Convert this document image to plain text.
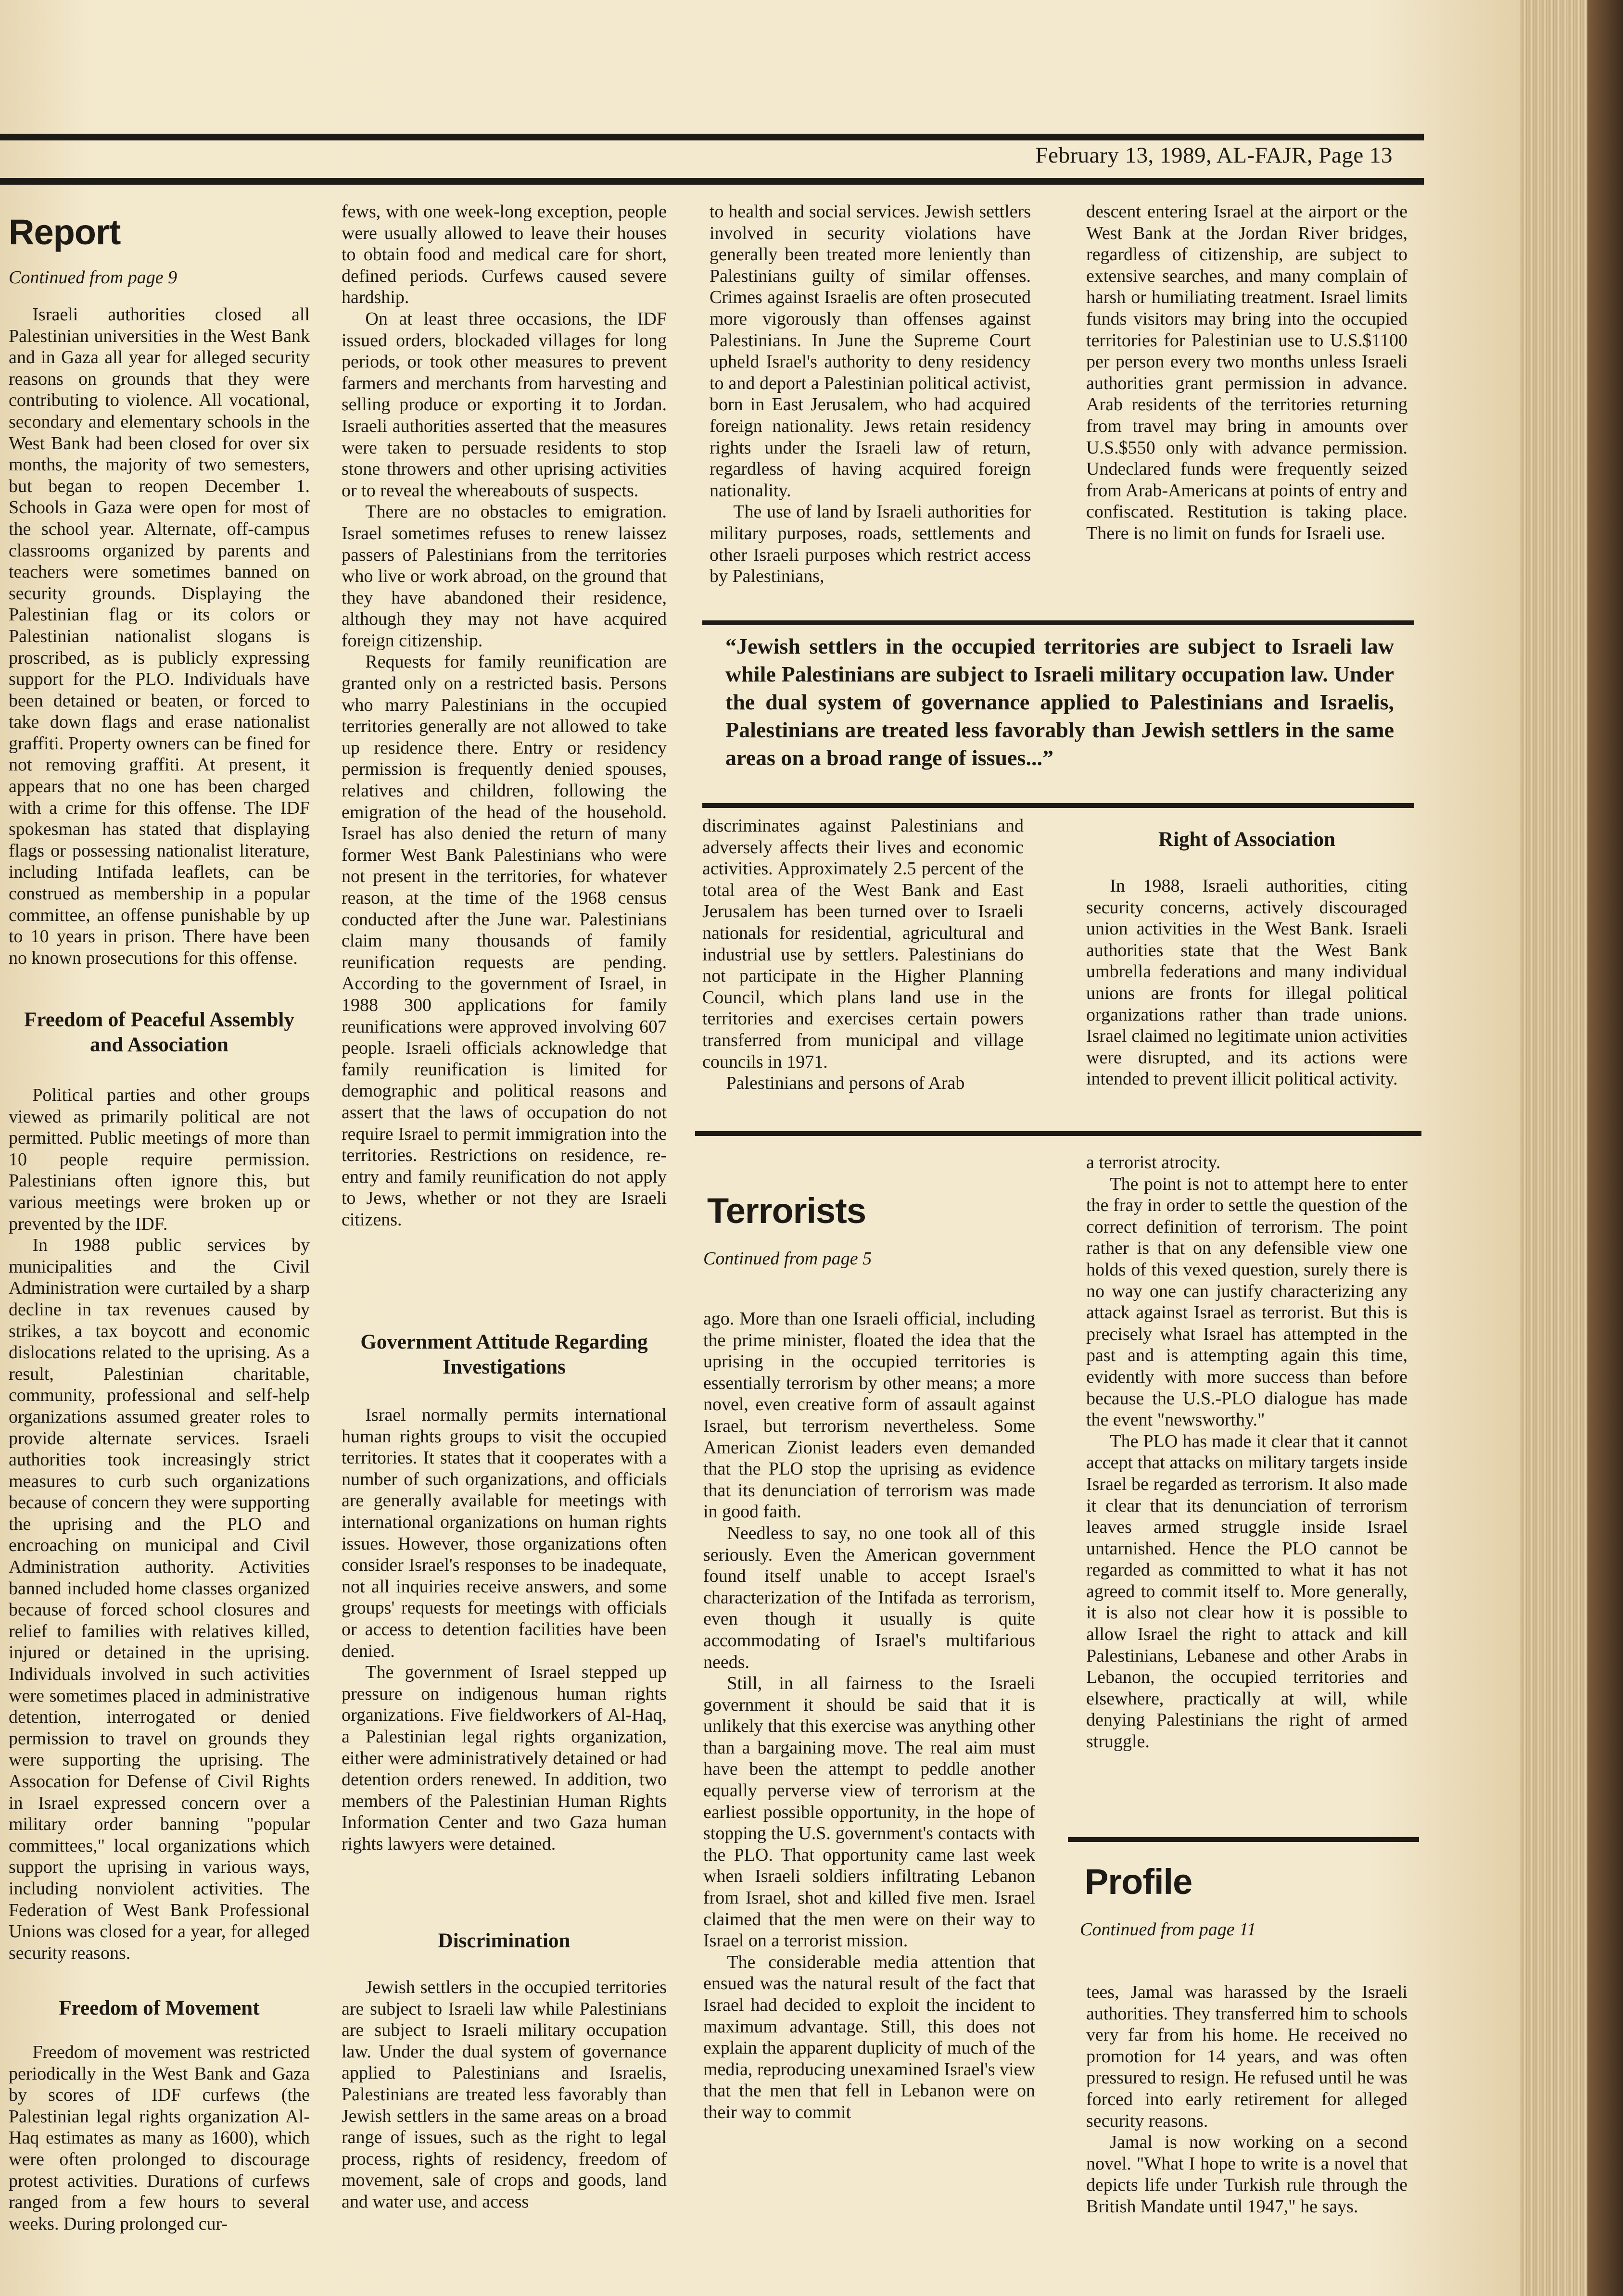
February 13, 1989, AL-FAJR, Page 13
Report
Continued from page 9

Israeli authorities closed all Palestinian universities in the West Bank and in Gaza all year for alleged security reasons on grounds that they were contributing to violence. All vocational, secondary and elementary schools in the West Bank had been closed for over six months, the majority of two semesters, but began to reopen December 1. Schools in Gaza were open for most of the school year. Alternate, off-campus classrooms organized by parents and teachers were sometimes banned on security grounds. Displaying the Palestinian flag or its colors or Palestinian nationalist slogans is proscribed, as is publicly expressing support for the PLO. Individuals have been detained or beaten, or forced to take down flags and erase nationalist graffiti. Property owners can be fined for not removing graffiti. At present, it appears that no one has been charged with a crime for this offense. The IDF spokesman has stated that displaying flags or possessing nationalist literature, including Intifada leaflets, can be construed as membership in a popular committee, an offense punishable by up to 10 years in prison. There have been no known prosecutions for this offense.

Freedom of Peaceful Assembly and Association

Political parties and other groups viewed as primarily political are not permitted. Public meetings of more than 10 people require permission. Palestinians often ignore this, but various meetings were broken up or prevented by the IDF.

In 1988 public services by municipalities and the Civil Administration were curtailed by a sharp decline in tax revenues caused by strikes, a tax boycott and economic dislocations related to the uprising. As a result, Palestinian charitable, community, professional and self-help organizations assumed greater roles to provide alternate services. Israeli authorities took increasingly strict measures to curb such organizations because of concern they were supporting the uprising and the PLO and encroaching on municipal and Civil Administration authority. Activities banned included home classes organized because of forced school closures and relief to families with relatives killed, injured or detained in the uprising. Individuals involved in such activities were sometimes placed in administrative detention, interrogated or denied permission to travel on grounds they were supporting the uprising. The Assocation for Defense of Civil Rights in Israel expressed concern over a military order banning "popular committees," local organizations which support the uprising in various ways, including nonviolent activities. The Federation of West Bank Professional Unions was closed for a year, for alleged security reasons.

Freedom of Movement

Freedom of movement was restricted periodically in the West Bank and Gaza by scores of IDF curfews (the Palestinian legal rights organization Al-Haq estimates as many as 1600), which were often prolonged to discourage protest activities. Durations of curfews ranged from a few hours to several weeks. During prolonged cur-

fews, with one week-long exception, people were usually allowed to leave their houses to obtain food and medical care for short, defined periods. Curfews caused severe hardship.

On at least three occasions, the IDF issued orders, blockaded villages for long periods, or took other measures to prevent farmers and merchants from harvesting and selling produce or exporting it to Jordan. Israeli authorities asserted that the measures were taken to persuade residents to stop stone throwers and other uprising activities or to reveal the whereabouts of suspects.

There are no obstacles to emigration. Israel sometimes refuses to renew laissez passers of Palestinians from the territories who live or work abroad, on the ground that they have abandoned their residence, although they may not have acquired foreign citizenship.

Requests for family reunification are granted only on a restricted basis. Persons who marry Palestinians in the occupied territories generally are not allowed to take up residence there. Entry or residency permission is frequently denied spouses, relatives and children, following the emigration of the head of the household. Israel has also denied the return of many former West Bank Palestinians who were not present in the territories, for whatever reason, at the time of the 1968 census conducted after the June war. Palestinians claim many thousands of family reunification requests are pending. According to the government of Israel, in 1988 300 applications for family reunifications were approved involving 607 people. Israeli officials acknowledge that family reunification is limited for demographic and political reasons and assert that the laws of occupation do not require Israel to permit immigration into the territories. Restrictions on residence, re-entry and family reunification do not apply to Jews, whether or not they are Israeli citizens.

Government Attitude Regarding Investigations

Israel normally permits international human rights groups to visit the occupied territories. It states that it cooperates with a number of such organizations, and officials are generally available for meetings with international organizations on human rights issues. However, those organizations often consider Israel's responses to be inadequate, not all inquiries receive answers, and some groups' requests for meetings with officials or access to detention facilities have been denied.

The government of Israel stepped up pressure on indigenous human rights organizations. Five fieldworkers of Al-Haq, a Palestinian legal rights organization, either were administratively detained or had detention orders renewed. In addition, two members of the Palestinian Human Rights Information Center and two Gaza human rights lawyers were detained.

Discrimination

Jewish settlers in the occupied territories are subject to Israeli law while Palestinians are subject to Israeli military occupation law. Under the dual system of governance applied to Palestinians and Israelis, Palestinians are treated less favorably than Jewish settlers in the same areas on a broad range of issues, such as the right to legal process, rights of residency, freedom of movement, sale of crops and goods, land and water use, and access

to health and social services. Jewish settlers involved in security violations have generally been treated more leniently than Palestinians guilty of similar offenses. Crimes against Israelis are often prosecuted more vigorously than offenses against Palestinians. In June the Supreme Court upheld Israel's authority to deny residency to and deport a Palestinian political activist, born in East Jerusalem, who had acquired foreign nationality. Jews retain residency rights under the Israeli law of return, regardless of having acquired foreign nationality.

The use of land by Israeli authorities for military purposes, roads, settlements and other Israeli purposes which restrict access by Palestinians,

descent entering Israel at the airport or the West Bank at the Jordan River bridges, regardless of citizenship, are subject to extensive searches, and many complain of harsh or humiliating treatment. Israel limits funds visitors may bring into the occupied territories for Palestinian use to U.S.$1100 per person every two months unless Israeli authorities grant permission in advance. Arab residents of the territories returning from travel may bring in amounts over U.S.$550 only with advance permission. Undeclared funds were frequently seized from Arab-Americans at points of entry and confiscated. Restitution is taking place. There is no limit on funds for Israeli use.

“Jewish settlers in the occupied territories are subject to Israeli law while Palestinians are subject to Israeli military occupation law. Under the dual system of governance applied to Palestinians and Israelis, Palestinians are treated less favorably than Jewish settlers in the same areas on a broad range of issues...”

discriminates against Palestinians and adversely affects their lives and economic activities. Approximately 2.5 percent of the total area of the West Bank and East Jerusalem has been turned over to Israeli nationals for residential, agricultural and industrial use by settlers. Palestinians do not participate in the Higher Planning Council, which plans land use in the territories and exercises certain powers transferred from municipal and village councils in 1971.

Palestinians and persons of Arab

Right of Association

In 1988, Israeli authorities, citing security concerns, actively discouraged union activities in the West Bank. Israeli authorities state that the West Bank umbrella federations and many individual unions are fronts for illegal political organizations rather than trade unions. Israel claimed no legitimate union activities were disrupted, and its actions were intended to prevent illicit political activity.

Terrorists
Continued from page 5

ago. More than one Israeli official, including the prime minister, floated the idea that the uprising in the occupied territories is essentially terrorism by other means; a more novel, even creative form of assault against Israel, but terrorism nevertheless. Some American Zionist leaders even demanded that the PLO stop the uprising as evidence that its denunciation of terrorism was made in good faith.

Needless to say, no one took all of this seriously. Even the American government found itself unable to accept Israel's characterization of the Intifada as terrorism, even though it usually is quite accommodating of Israel's multifarious needs.

Still, in all fairness to the Israeli government it should be said that it is unlikely that this exercise was anything other than a bargaining move. The real aim must have been the attempt to peddle another equally perverse view of terrorism at the earliest possible opportunity, in the hope of stopping the U.S. government's contacts with the PLO. That opportunity came last week when Israeli soldiers infiltrating Lebanon from Israel, shot and killed five men. Israel claimed that the men were on their way to Israel on a terrorist mission.

The considerable media attention that ensued was the natural result of the fact that Israel had decided to exploit the incident to maximum advantage. Still, this does not explain the apparent duplicity of much of the media, reproducing unexamined Israel's view that the men that fell in Lebanon were on their way to commit

a terrorist atrocity.

The point is not to attempt here to enter the fray in order to settle the question of the correct definition of terrorism. The point rather is that on any defensible view one holds of this vexed question, surely there is no way one can justify characterizing any attack against Israel as terrorist. But this is precisely what Israel has attempted in the past and is attempting again this time, evidently with more success than before because the U.S.-PLO dialogue has made the event "newsworthy."

The PLO has made it clear that it cannot accept that attacks on military targets inside Israel be regarded as terrorism. It also made it clear that its denunciation of terrorism leaves armed struggle inside Israel untarnished. Hence the PLO cannot be regarded as committed to what it has not agreed to commit itself to. More generally, it is also not clear how it is possible to allow Israel the right to attack and kill Palestinians, Lebanese and other Arabs in Lebanon, the occupied territories and elsewhere, practically at will, while denying Palestinians the right of armed struggle.

Profile
Continued from page 11

tees, Jamal was harassed by the Israeli authorities. They transferred him to schools very far from his home. He received no promotion for 14 years, and was often pressured to resign. He refused until he was forced into early retirement for alleged security reasons.

Jamal is now working on a second novel. "What I hope to write is a novel that depicts life under Turkish rule through the British Mandate until 1947," he says.
